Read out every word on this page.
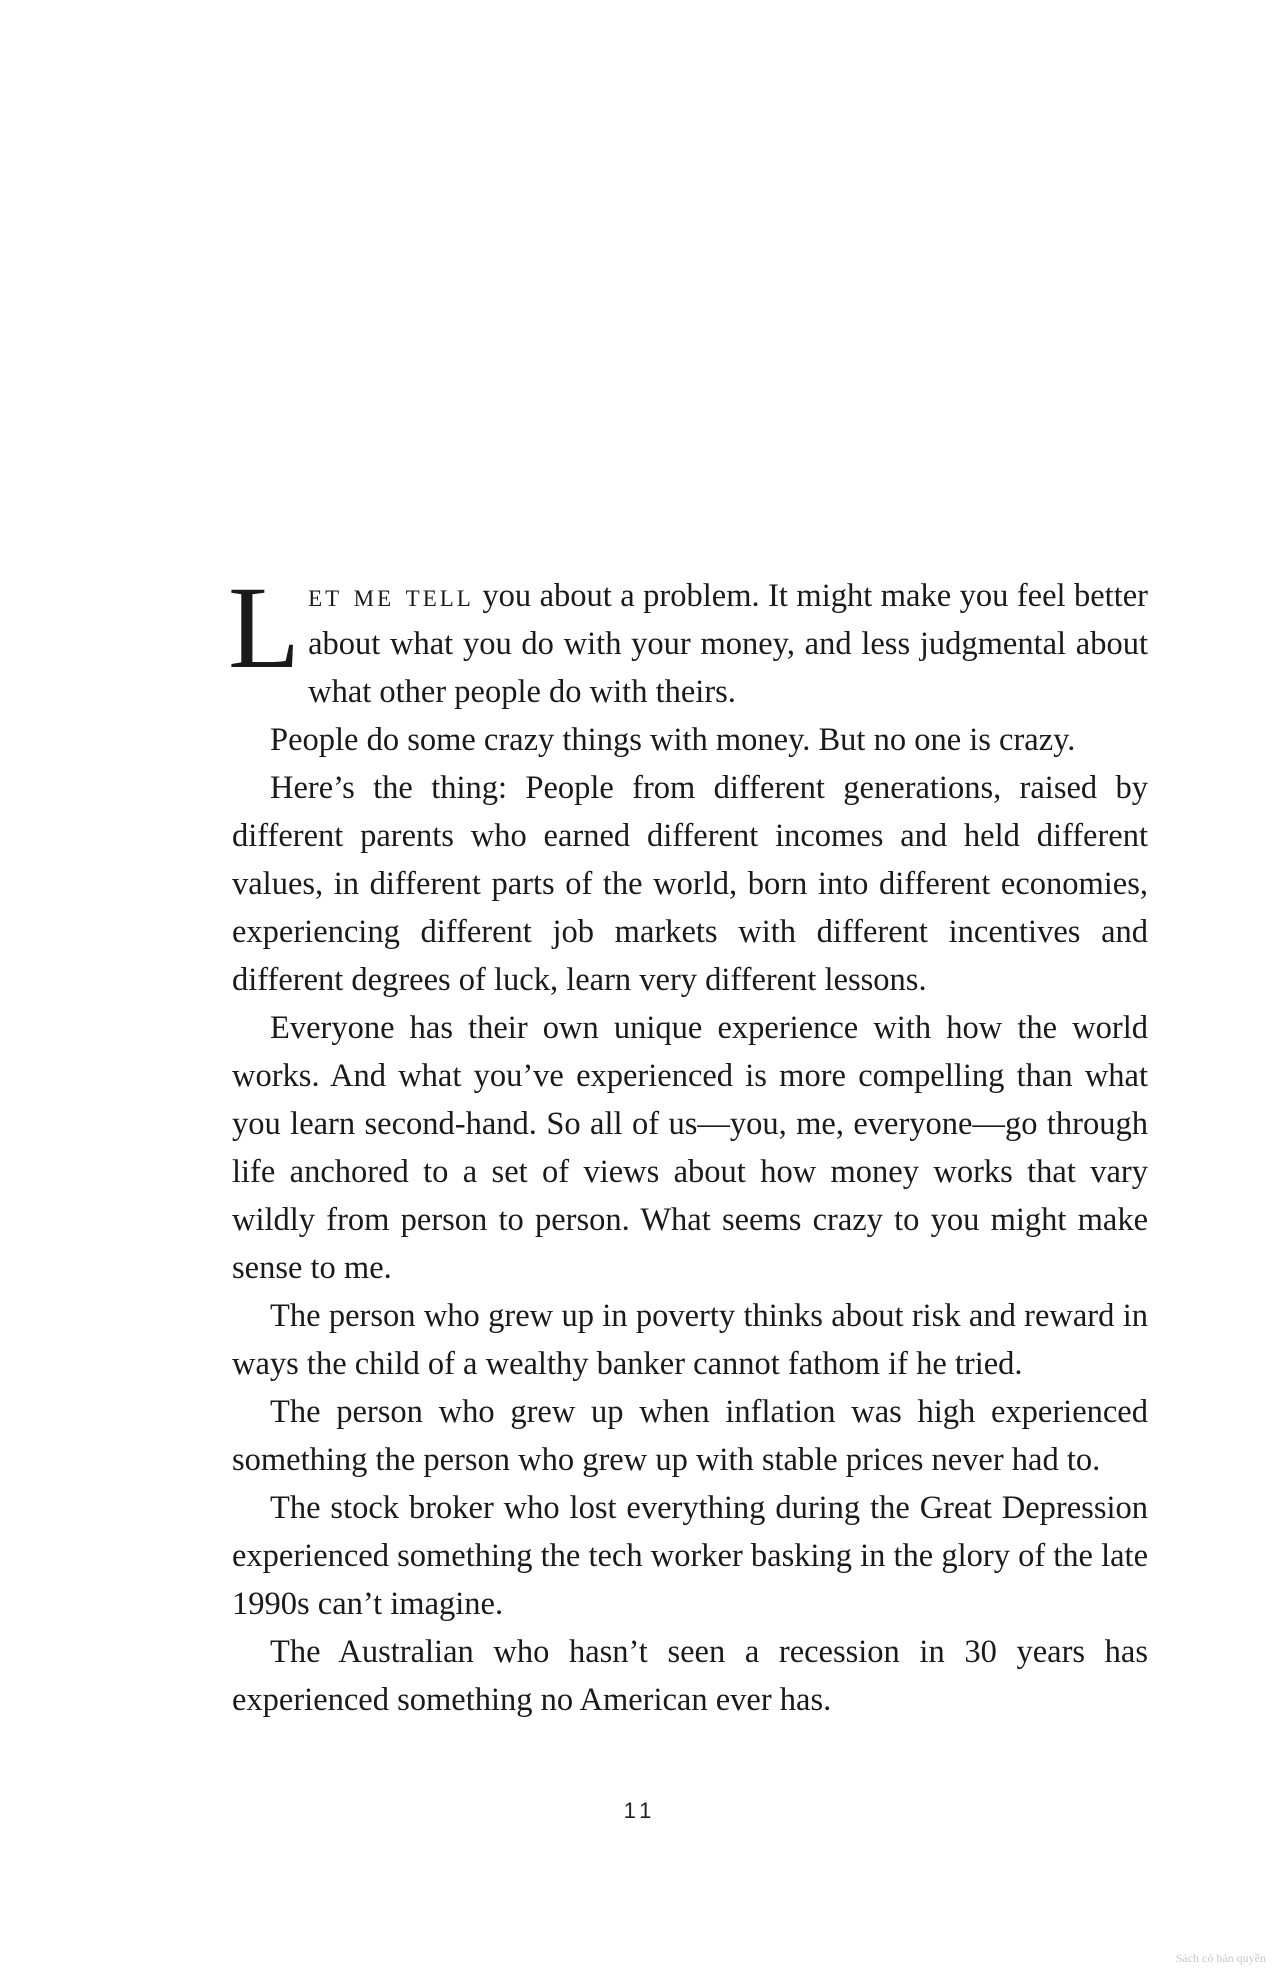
Let me tell you about a problem. It might make you feel better about what you do with your money, and less judgmental about what other people do with theirs.

People do some crazy things with money. But no one is crazy.

Here’s the thing: People from different generations, raised by different parents who earned different incomes and held different values, in different parts of the world, born into different economies, experiencing different job markets with different incentives and different degrees of luck, learn very different lessons.

Everyone has their own unique experience with how the world works. And what you’ve experienced is more compelling than what you learn second-hand. So all of us—you, me, everyone—go through life anchored to a set of views about how money works that vary wildly from person to person. What seems crazy to you might make sense to me.

The person who grew up in poverty thinks about risk and reward in ways the child of a wealthy banker cannot fathom if he tried.

The person who grew up when inflation was high experienced something the person who grew up with stable prices never had to.

The stock broker who lost everything during the Great Depression experienced something the tech worker basking in the glory of the late 1990s can’t imagine.

The Australian who hasn’t seen a recession in 30 years has experienced something no American ever has.

11
Sách có bản quyền
